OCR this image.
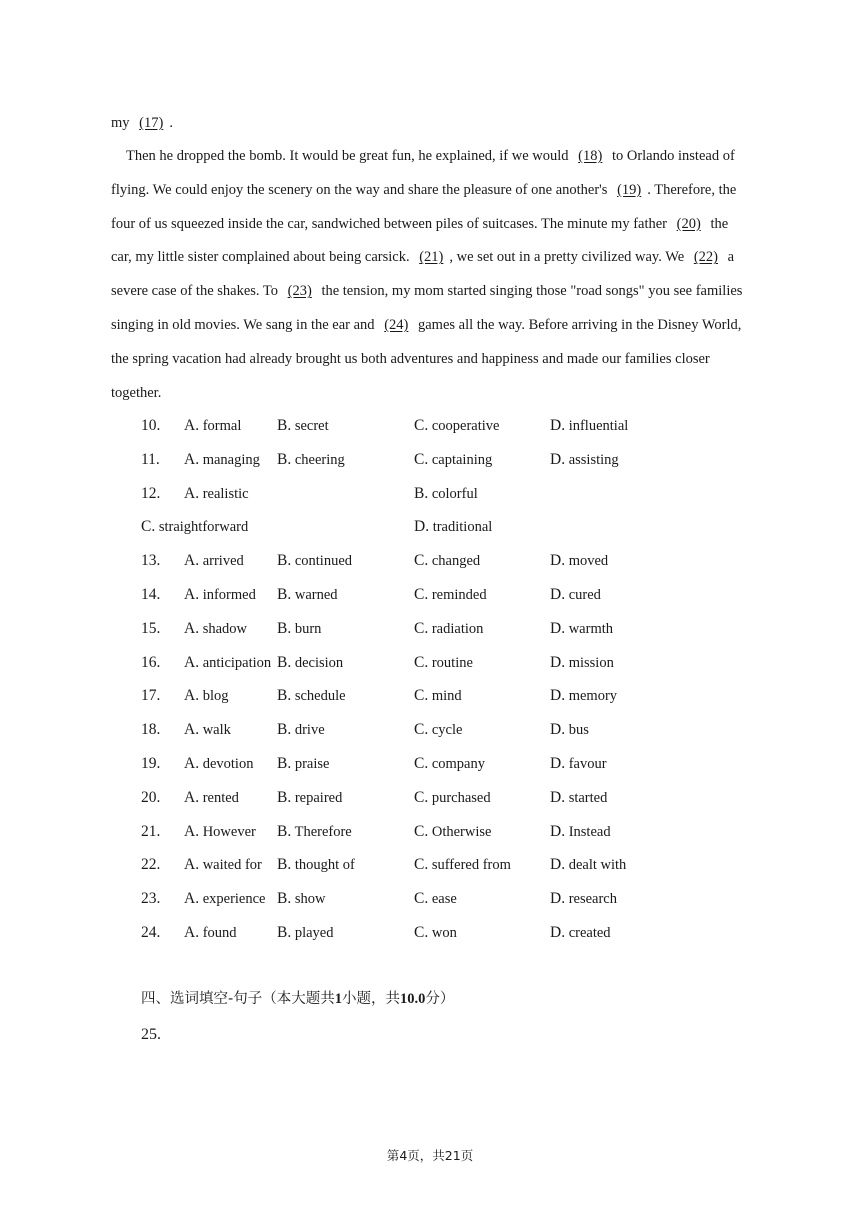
my (17) .
Then he dropped the bomb. It would be great fun, he explained, if we would (18) to Orlando instead of flying. We could enjoy the scenery on the way and share the pleasure of one another's (19) . Therefore, the four of us squeezed inside the car, sandwiched between piles of suitcases. The minute my father (20) the car, my little sister complained about being carsick. (21) , we set out in a pretty civilized way. We (22) a severe case of the shakes. To (23) the tension, my mom started singing those "road songs" you see families singing in old movies. We sang in the ear and (24) games all the way. Before arriving in the Disney World, the spring vacation had already brought us both adventures and happiness and made our families closer together.
10. A. formal B. secret	C. cooperative	D. influential
11. A. managing B. cheering	C. captaining	D. assisting
12. A. realistic	B. colorful
C. straightforward	D. traditional
13. A. arrived B. continued	C. changed	D. moved
14. A. informed B. warned	C. reminded	D. cured
15. A. shadow B. burn	C. radiation	D. warmth
16. A. anticipation B. decision	C. routine	D. mission
17. A. blog	B. schedule	C. mind	D. memory
18. A. walk	B. drive	C. cycle	D. bus
19. A. devotion B. praise	C. company	D. favour
20. A. rented B. repaired	C. purchased	D. started
21. A. However B. Therefore	C. Otherwise	D. Instead
22. A. waited for B. thought of	C. suffered from	D. dealt with
23. A. experience B. show	C. ease	D. research
24. A. found	B. played	C. won	D. created
四、选词填空-句子（本大题共1小题，共10.0分）
25.
第4页，共21页
